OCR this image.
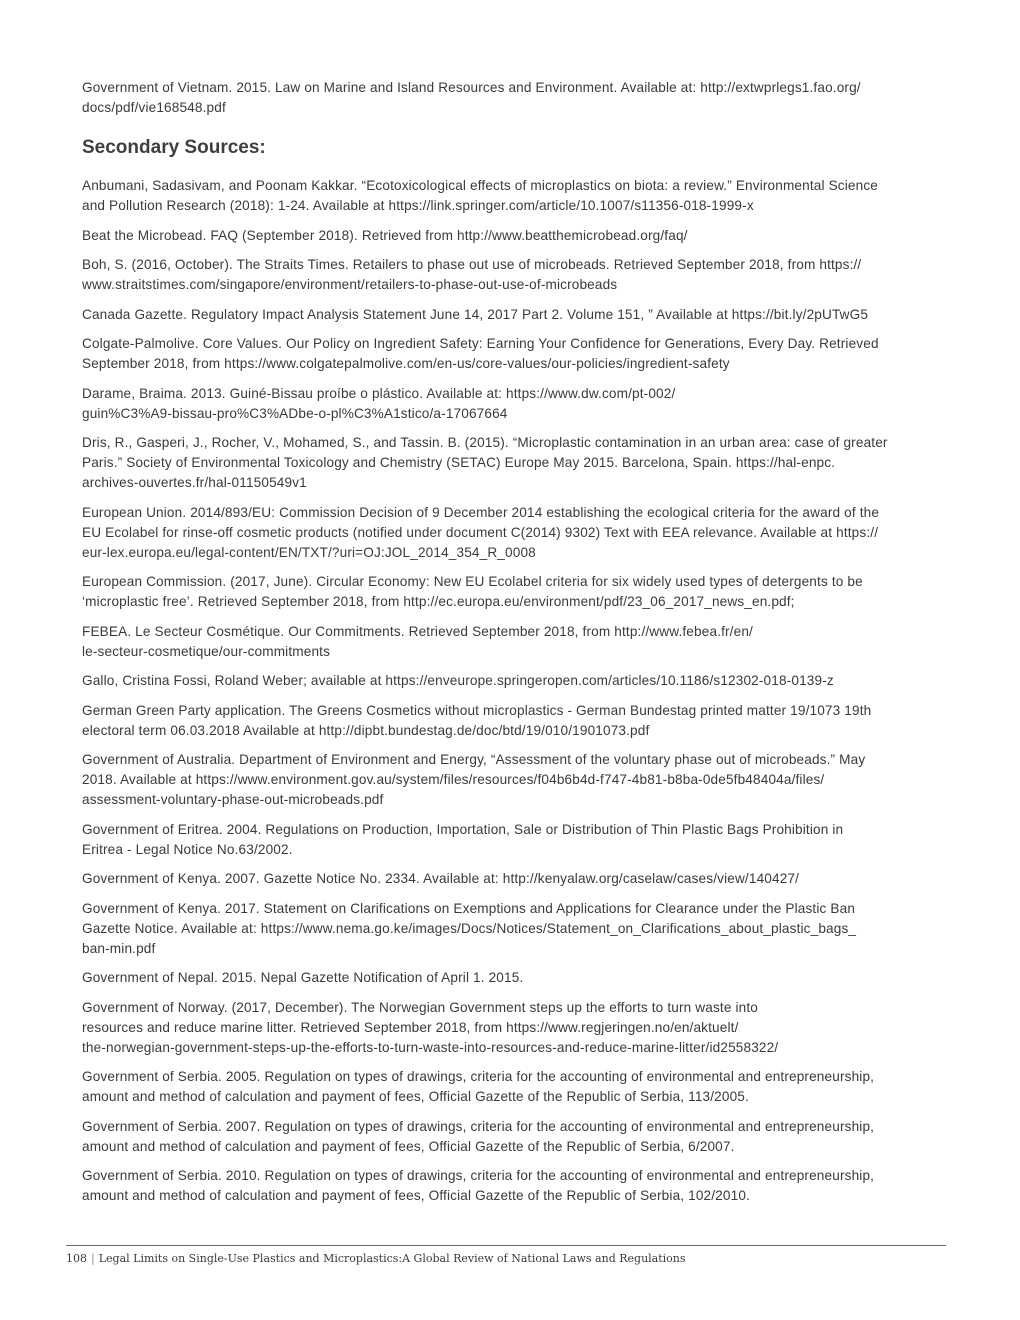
Government of Vietnam. 2015. Law on Marine and Island Resources and Environment. Available at: http://extwprlegs1.fao.org/
docs/pdf/vie168548.pdf

Secondary Sources:

Anbumani, Sadasivam, and Poonam Kakkar. “Ecotoxicological effects of microplastics on biota: a review.” Environmental Science
and Pollution Research (2018): 1-24. Available at https://link.springer.com/article/10.1007/s11356-018-1999-x

Beat the Microbead. FAQ (September 2018). Retrieved from http://www.beatthemicrobead.org/faq/

Boh, S. (2016, October). The Straits Times. Retailers to phase out use of microbeads. Retrieved September 2018, from https://
www.straitstimes.com/singapore/environment/retailers-to-phase-out-use-of-microbeads

Canada Gazette. Regulatory Impact Analysis Statement June 14, 2017 Part 2. Volume 151, ” Available at https://bit.ly/2pUTwG5

Colgate-Palmolive. Core Values. Our Policy on Ingredient Safety: Earning Your Confidence for Generations, Every Day. Retrieved
September 2018, from https://www.colgatepalmolive.com/en-us/core-values/our-policies/ingredient-safety

Darame, Braima. 2013. Guiné-Bissau proíbe o plástico. Available at: https://www.dw.com/pt-002/
guin%C3%A9-bissau-pro%C3%ADbe-o-pl%C3%A1stico/a-17067664

Dris, R., Gasperi, J., Rocher, V., Mohamed, S., and Tassin. B. (2015). “Microplastic contamination in an urban area: case of greater
Paris.” Society of Environmental Toxicology and Chemistry (SETAC) Europe May 2015. Barcelona, Spain. https://hal-enpc.
archives-ouvertes.fr/hal-01150549v1

European Union. 2014/893/EU: Commission Decision of 9 December 2014 establishing the ecological criteria for the award of the
EU Ecolabel for rinse-off cosmetic products (notified under document C(2014) 9302) Text with EEA relevance. Available at https://
eur-lex.europa.eu/legal-content/EN/TXT/?uri=OJ:JOL_2014_354_R_0008

European Commission. (2017, June). Circular Economy: New EU Ecolabel criteria for six widely used types of detergents to be
‘microplastic free’. Retrieved September 2018, from http://ec.europa.eu/environment/pdf/23_06_2017_news_en.pdf;

FEBEA. Le Secteur Cosmétique. Our Commitments. Retrieved September 2018, from http://www.febea.fr/en/
le-secteur-cosmetique/our-commitments

Gallo, Cristina Fossi, Roland Weber; available at https://enveurope.springeropen.com/articles/10.1186/s12302-018-0139-z

German Green Party application. The Greens Cosmetics without microplastics - German Bundestag printed matter 19/1073 19th
electoral term 06.03.2018 Available at http://dipbt.bundestag.de/doc/btd/19/010/1901073.pdf

Government of Australia. Department of Environment and Energy, “Assessment of the voluntary phase out of microbeads.” May
2018. Available at https://www.environment.gov.au/system/files/resources/f04b6b4d-f747-4b81-b8ba-0de5fb48404a/files/
assessment-voluntary-phase-out-microbeads.pdf

Government of Eritrea. 2004. Regulations on Production, Importation, Sale or Distribution of Thin Plastic Bags Prohibition in
Eritrea - Legal Notice No.63/2002.

Government of Kenya. 2007. Gazette Notice No. 2334. Available at: http://kenyalaw.org/caselaw/cases/view/140427/

Government of Kenya. 2017. Statement on Clarifications on Exemptions and Applications for Clearance under the Plastic Ban
Gazette Notice. Available at: https://www.nema.go.ke/images/Docs/Notices/Statement_on_Clarifications_about_plastic_bags_
ban-min.pdf

Government of Nepal. 2015. Nepal Gazette Notification of April 1. 2015.

Government of Norway. (2017, December). The Norwegian Government steps up the efforts to turn waste into
resources and reduce marine litter. Retrieved September 2018, from https://www.regjeringen.no/en/aktuelt/
the-norwegian-government-steps-up-the-efforts-to-turn-waste-into-resources-and-reduce-marine-litter/id2558322/

Government of Serbia. 2005. Regulation on types of drawings, criteria for the accounting of environmental and entrepreneurship,
amount and method of calculation and payment of fees, Official Gazette of the Republic of Serbia, 113/2005.

Government of Serbia. 2007. Regulation on types of drawings, criteria for the accounting of environmental and entrepreneurship,
amount and method of calculation and payment of fees, Official Gazette of the Republic of Serbia, 6/2007.

Government of Serbia. 2010. Regulation on types of drawings, criteria for the accounting of environmental and entrepreneurship,
amount and method of calculation and payment of fees, Official Gazette of the Republic of Serbia, 102/2010.

108 | Legal Limits on Single-Use Plastics and Microplastics:A Global Review of National Laws and Regulations
